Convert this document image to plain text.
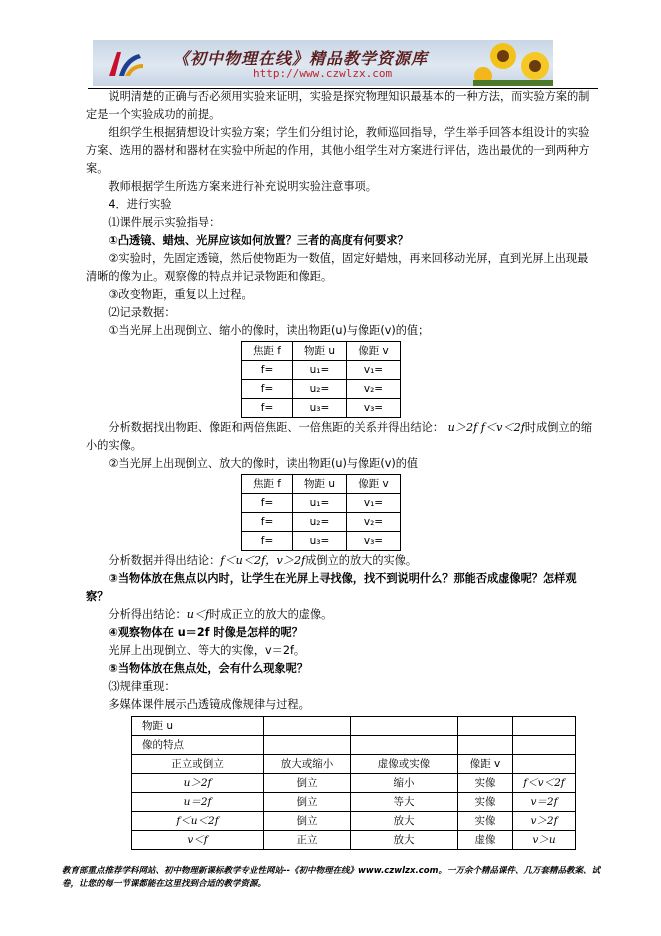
《初中物理在线》精品教学资源库
http://www.czwlzx.com

说明清楚的正确与否必须用实验来证明，实验是探究物理知识最基本的一种方法，而实验方案的制定是一个实验成功的前提。

组织学生根据猜想设计实验方案；学生们分组讨论，教师巡回指导，学生举手回答本组设计的实验方案、选用的器材和器材在实验中所起的作用，其他小组学生对方案进行评估，选出最优的一到两种方案。

教师根据学生所选方案来进行补充说明实验注意事项。

4．进行实验

⑴课件展示实验指导：

①凸透镜、蜡烛、光屏应该如何放置？三者的高度有何要求？

②实验时，先固定透镜，然后使物距为一数值，固定好蜡烛，再来回移动光屏，直到光屏上出现最清晰的像为止。观察像的特点并记录物距和像距。

③改变物距，重复以上过程。

⑵记录数据：

①当光屏上出现倒立、缩小的像时，读出物距(u)与像距(v)的值；

焦距 f	物距 u	像距 v
f=	u₁=	v₁=
f=	u₂=	v₂=
f=	u₃=	v₃=

分析数据找出物距、像距和两倍焦距、一倍焦距的关系并得出结论： u＞2f f＜v＜2f时成倒立的缩小的实像。

②当光屏上出现倒立、放大的像时，读出物距(u)与像距(v)的值

焦距 f	物距 u	像距 v
f=	u₁=	v₁=
f=	u₂=	v₂=
f=	u₃=	v₃=

分析数据并得出结论：f＜u＜2f，v＞2f成倒立的放大的实像。

③当物体放在焦点以内时，让学生在光屏上寻找像，找不到说明什么？那能否成虚像呢？怎样观察？

分析得出结论：u＜f时成正立的放大的虚像。

④观察物体在 u＝2f 时像是怎样的呢？

光屏上出现倒立、等大的实像，v＝2f。

⑤当物体放在焦点处，会有什么现象呢？

⑶规律重现：

多媒体课件展示凸透镜成像规律与过程。

物距 u				
像的特点				
正立或倒立	放大或缩小	虚像或实像	像距 v	
u＞2f	倒立	缩小	实像	f＜v＜2f
u＝2f	倒立	等大	实像	v＝2f
f＜u＜2f	倒立	放大	实像	v＞2f
v＜f	正立	放大	虚像	v＞u
教育部重点推荐学科网站、初中物理新课标教学专业性网站--《初中物理在线》www.czwlzx.com。一万余个精品课件、几万套精品教案、试卷，让您的每一节课都能在这里找到合适的教学资源。
